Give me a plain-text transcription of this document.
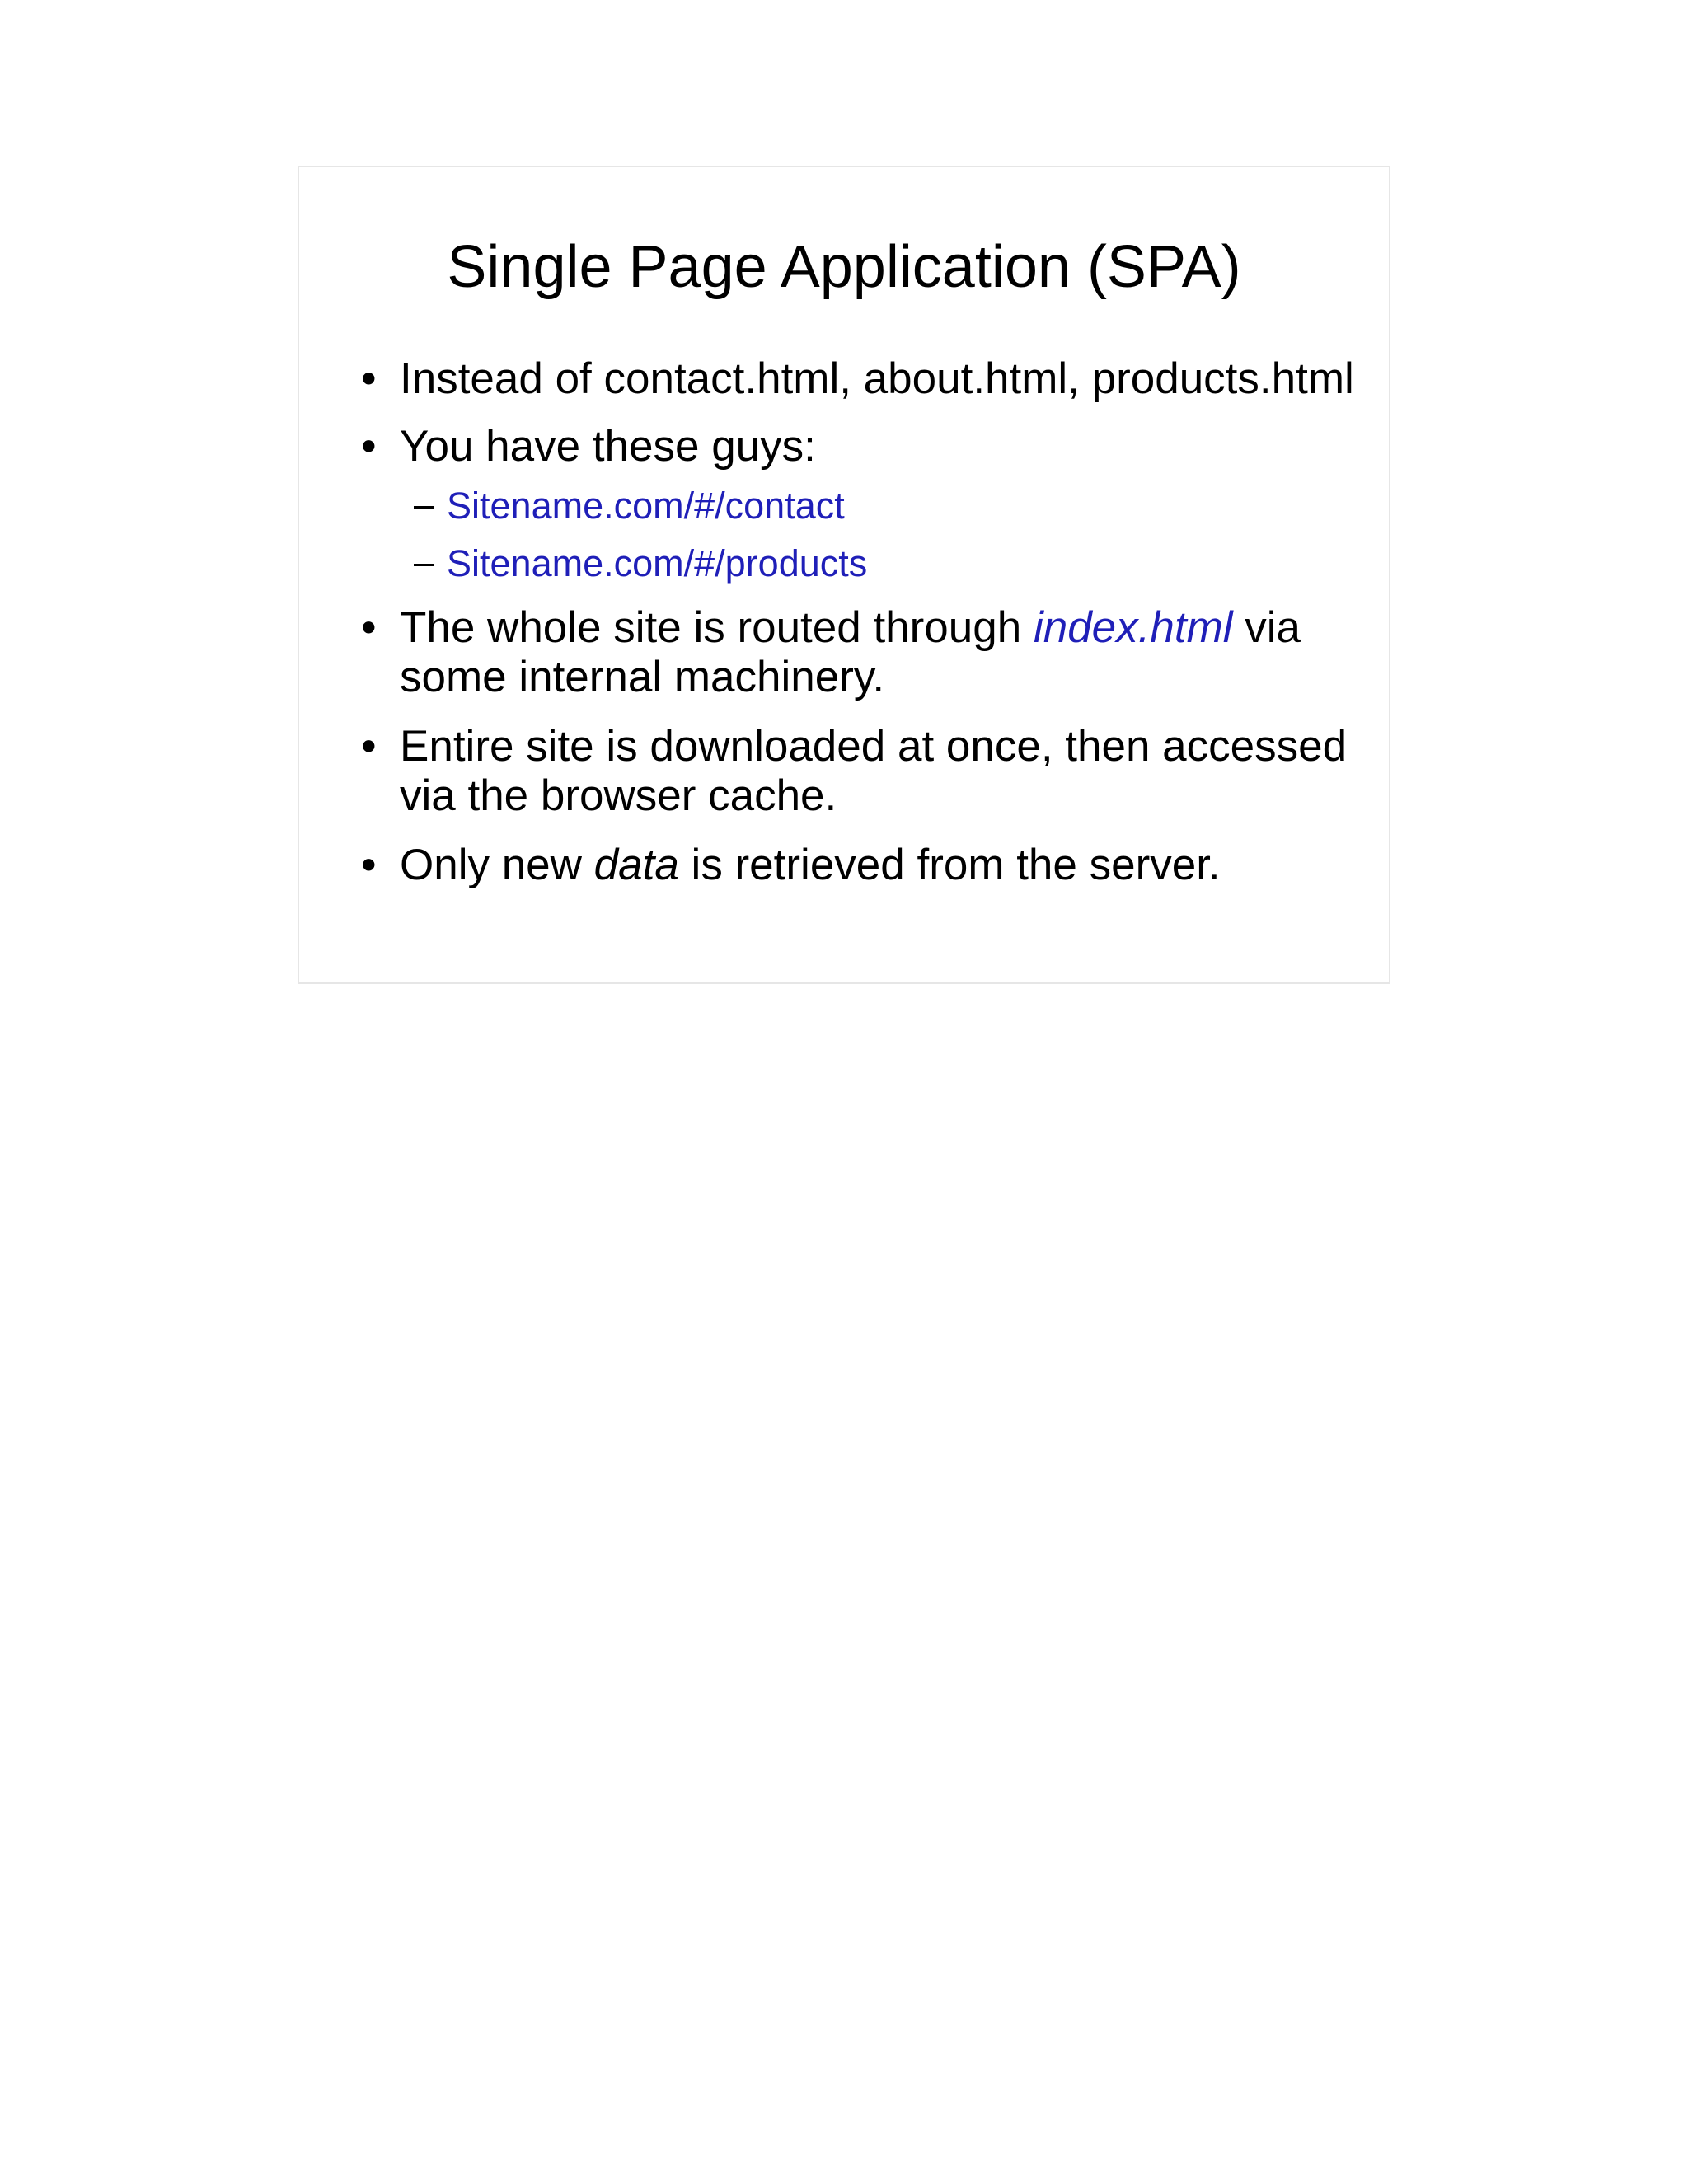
Single Page Application (SPA)
• Instead of contact.html, about.html, products.html
• You have these guys:
– Sitename.com/#/contact
– Sitename.com/#/products
• The whole site is routed through index.html via some internal machinery.
• Entire site is downloaded at once, then accessed via the browser cache.
• Only new data is retrieved from the server.
